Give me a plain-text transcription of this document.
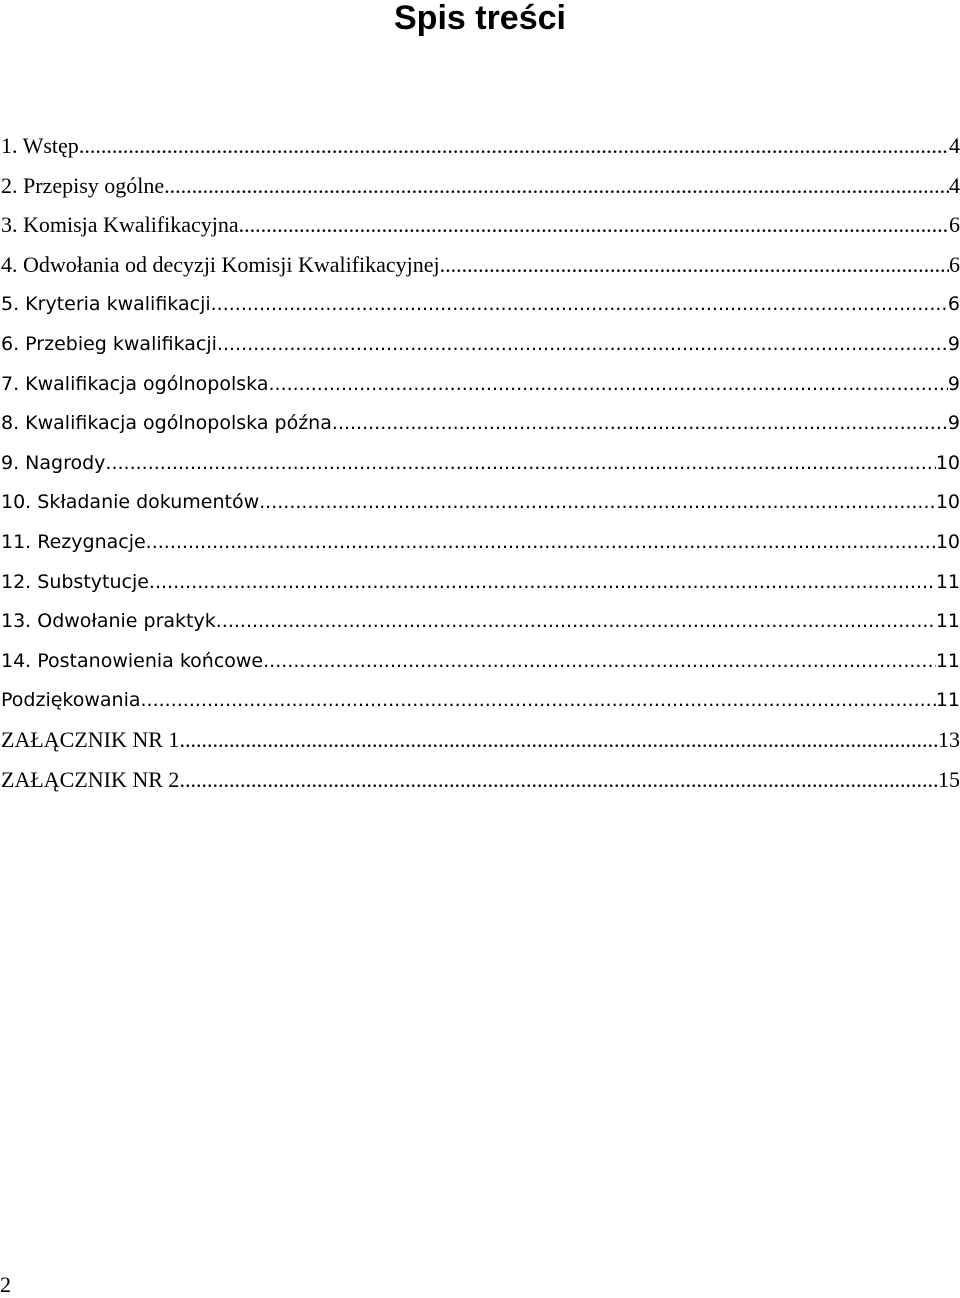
Spis treści
1. Wstęp .....	4
2. Przepisy ogólne .....	4
3. Komisja Kwalifikacyjna .....	6
4. Odwołania od decyzji Komisji Kwalifikacyjnej .....	6
5. Kryteria kwalifikacji .....	6
6. Przebieg kwalifikacji .....	9
7. Kwalifikacja ogólnopolska .....	9
8. Kwalifikacja ogólnopolska późna .....	9
9. Nagrody .....	10
10. Składanie dokumentów .....	10
11. Rezygnacje .....	10
12. Substytucje .....	11
13. Odwołanie praktyk .....	11
14. Postanowienia końcowe .....	11
Podziękowania .....	11
ZAŁĄCZNIK NR 1 .....	13
ZAŁĄCZNIK NR 2 .....	15
2
